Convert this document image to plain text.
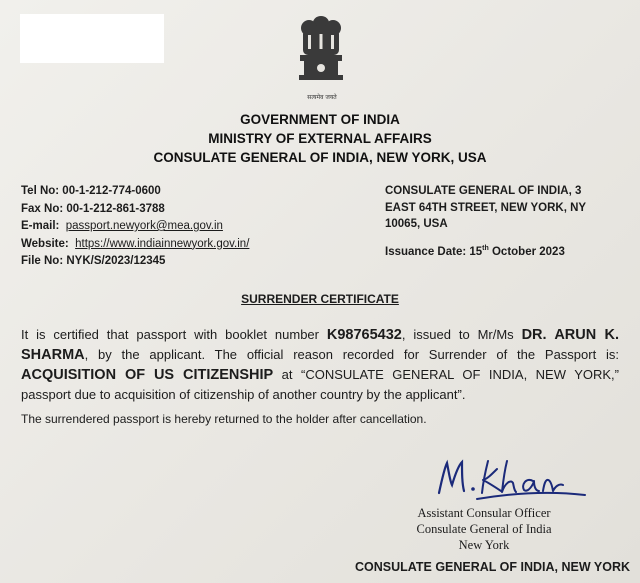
सत्यमेव जयते
GOVERNMENT OF INDIA
MINISTRY OF EXTERNAL AFFAIRS
CONSULATE GENERAL OF INDIA, NEW YORK, USA
Tel No: 00-1-212-774-0600
Fax No: 00-1-212-861-3788
E-mail: passport.newyork@mea.gov.in
Website: https://www.indiainnewyork.gov.in/
File No: NYK/S/2023/12345
CONSULATE GENERAL OF INDIA, 3
EAST 64TH STREET, NEW YORK, NY
10065, USA
Issuance Date: 15th October 2023
SURRENDER CERTIFICATE
It is certified that passport with booklet number K98765432, issued to Mr/Ms DR. ARUN K. SHARMA, by the applicant. The official reason recorded for Surrender of the Passport is: ACQUISITION OF US CITIZENSHIP at “CONSULATE GENERAL OF INDIA, NEW YORK,” passport due to acquisition of citizenship of another country by the applicant”.
The surrendered passport is hereby returned to the holder after cancellation.
Assistant Consular Officer
Consulate General of India
New York
CONSULATE GENERAL OF INDIA, NEW YORK
